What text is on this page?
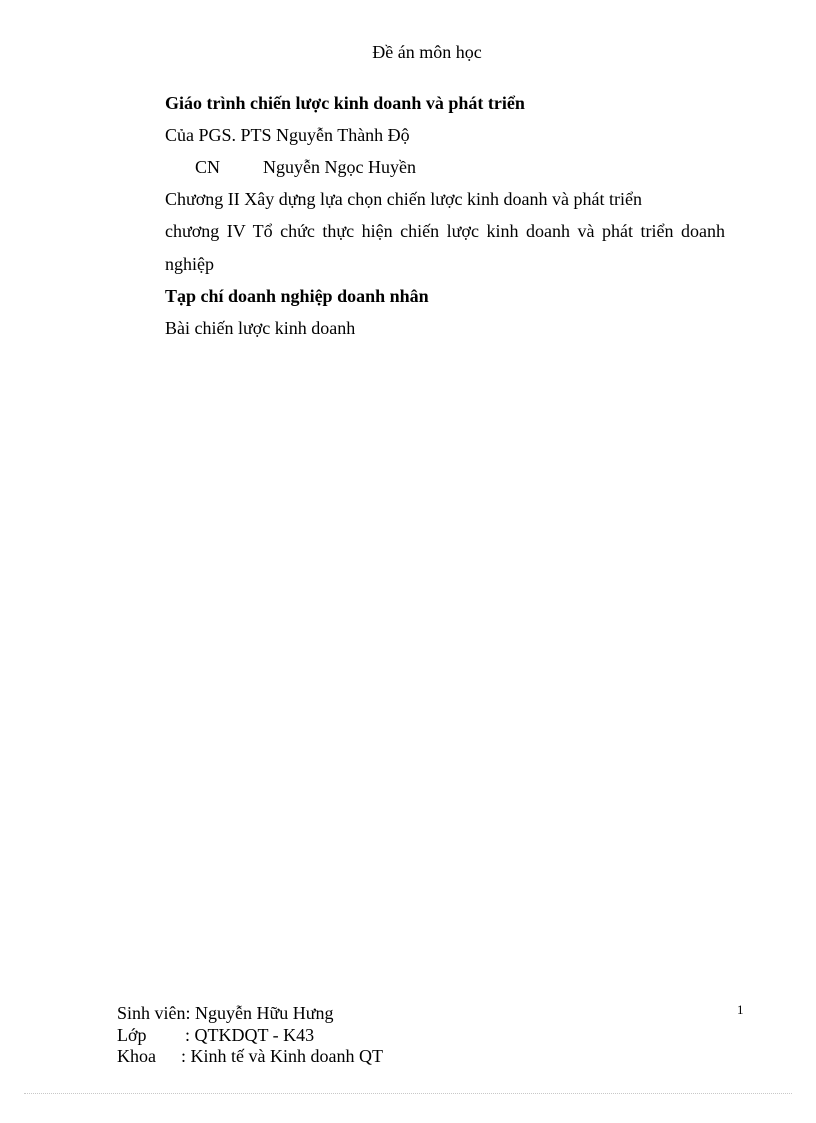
Đề án môn học
Giáo trình chiến lược kinh doanh và phát triển
Của PGS. PTS Nguyễn Thành Độ
CN Nguyễn Ngọc Huyền
Chương II Xây dựng lựa chọn chiến lược kinh doanh và phát triển
chương IV Tổ chức thực hiện chiến lược kinh doanh và phát triển doanh
nghiệp
Tạp chí doanh nghiệp doanh nhân
Bài chiến lược kinh doanh
Sinh viên: Nguyễn Hữu Hưng
Lớp : QTKDQT - K43
Khoa : Kinh tế và Kinh doanh QT
1
